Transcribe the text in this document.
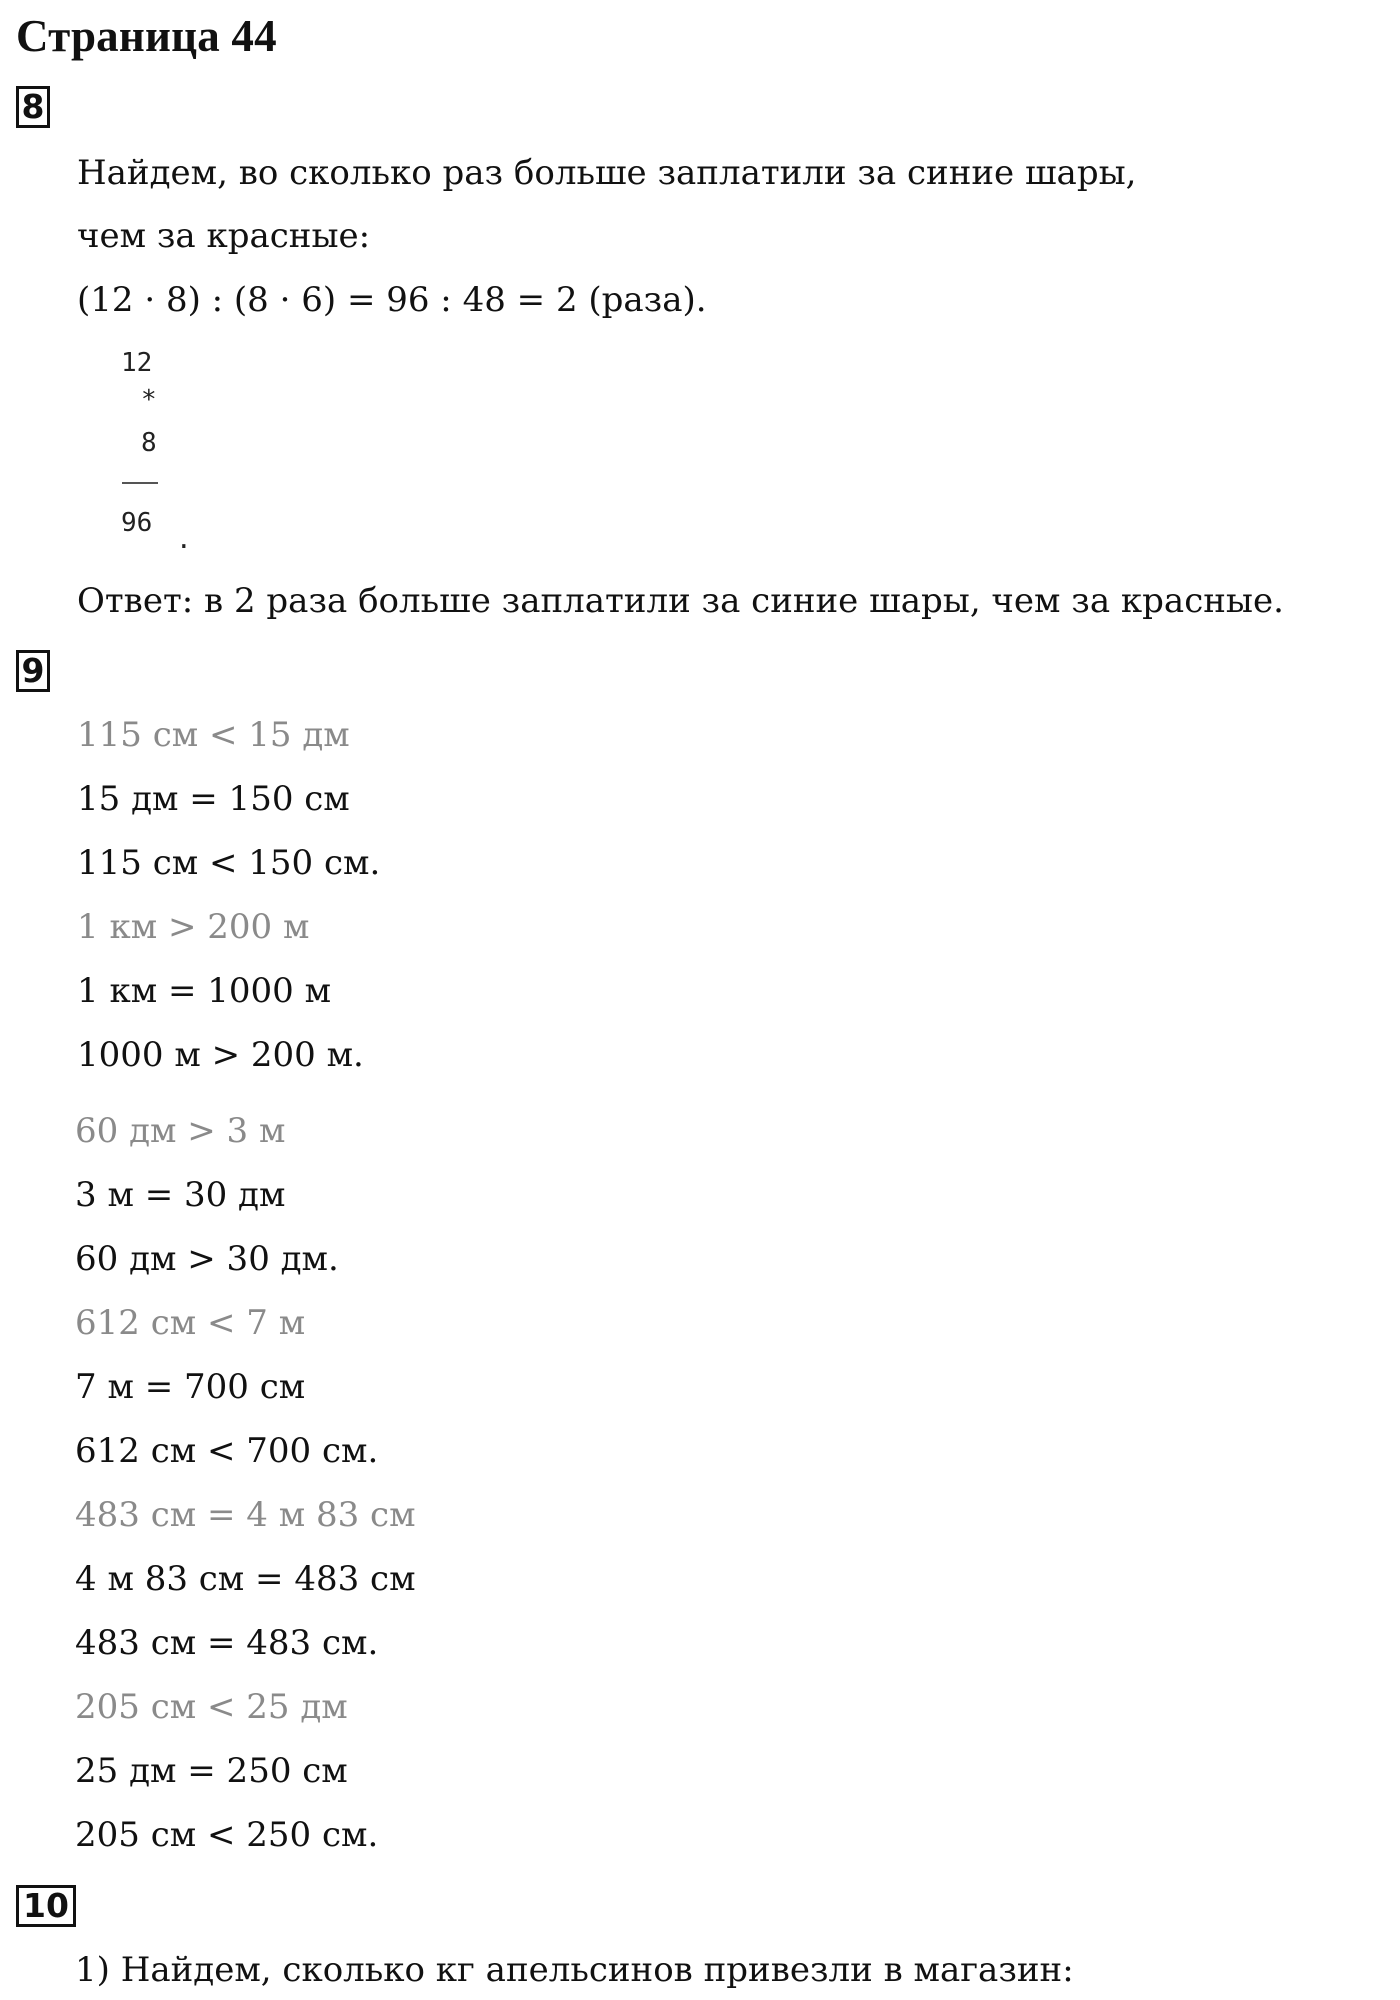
Страница 44
8
Найдем, во сколько раз больше заплатили за синие шары,
чем за красные:
(12 · 8) : (8 · 6) = 96 : 48 = 2 (раза).
12
*
8
96
.
Ответ: в 2 раза больше заплатили за синие шары, чем за красные.
9
115 см < 15 дм
15 дм = 150 см
115 см < 150 см.
1 км > 200 м
1 км = 1000 м
1000 м > 200 м.
60 дм > 3 м
3 м = 30 дм
60 дм > 30 дм.
612 см < 7 м
7 м = 700 см
612 см < 700 см.
483 см = 4 м 83 см
4 м 83 см = 483 см
483 см = 483 см.
205 см < 25 дм
25 дм = 250 см
205 см < 250 см.
10
1) Найдем, сколько кг апельсинов привезли в магазин:
